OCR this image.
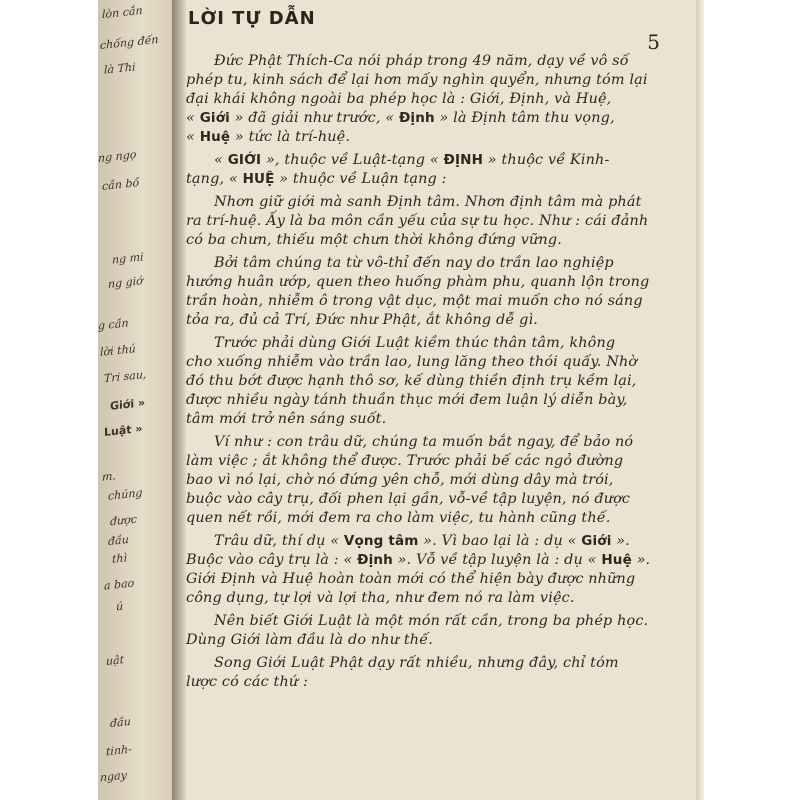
lòn cắn
chống đến
là Thi
ng ngọ
cần bồ
ng mi
ng giớ
g cần
lời thú
Tri sau,
Giới »
Luật »
m.
chúng
được
đầu
thì
a bao
ú
uật
đầu
tinh-
ngay
LỜI TỰ DẪN
5

Đức Phật Thích-Ca nói pháp trong 49 năm, dạy về vô số
phép tu, kinh sách để lại hơn mấy nghìn quyển, nhưng tóm lại
đại khái không ngoài ba phép học là : Giới, Định, và Huệ,
« Giới » đã giải như trước, « Định » là Định tâm thu vọng,
« Huệ » tức là trí-huệ.

« GIỚI », thuộc về Luật-tạng « ĐỊNH » thuộc về Kinh-
tạng, « HUỆ » thuộc về Luận tạng :

Nhơn giữ giới mà sanh Định tâm. Nhơn định tâm mà phát
ra trí-huệ. Ấy là ba môn cần yếu của sự tu học. Như : cái đảnh
có ba chưn, thiếu một chưn thời không đứng vững.

Bởi tâm chúng ta từ vô-thỉ đến nay do trần lao nghiệp
hướng huân ướp, quen theo huống phàm phu, quanh lộn trong
trần hoàn, nhiễm ô trong vật dục, một mai muốn cho nó sáng
tỏa ra, đủ cả Trí, Đức như Phật, ắt không dễ gì.

Trước phải dùng Giới Luật kiềm thúc thân tâm, không
cho xuống nhiễm vào trần lao, lung lăng theo thói quấy. Nhờ
đó thu bớt được hạnh thô sơ, kế dùng thiền định trụ kềm lại,
được nhiều ngày tánh thuần thục mới đem luận lý diễn bày,
tâm mới trở nên sáng suốt.

Ví như : con trâu dữ, chúng ta muốn bắt ngay, để bảo nó
làm việc ; ắt không thể được. Trước phải bế các ngỏ đường
bao vì nó lại, chờ nó đứng yên chỗ, mới dùng dây mà trói,
buộc vào cây trụ, đối phen lại gần, vỗ-về tập luyện, nó được
quen nết rồi, mới đem ra cho làm việc, tu hành cũng thế.

Trâu dữ, thí dụ « Vọng tâm ». Vì bao lại là : dụ « Giới ».
Buộc vào cây trụ là : « Định ». Vỗ về tập luyện là : dụ « Huệ ».
Giới Định và Huệ hoàn toàn mới có thể hiện bày được những
công dụng, tự lợi và lợi tha, như đem nó ra làm việc.

Nên biết Giới Luật là một món rất cần, trong ba phép học.
Dùng Giới làm đầu là do như thế.

Song Giới Luật Phật dạy rất nhiều, nhưng đây, chỉ tóm
lược có các thứ :
